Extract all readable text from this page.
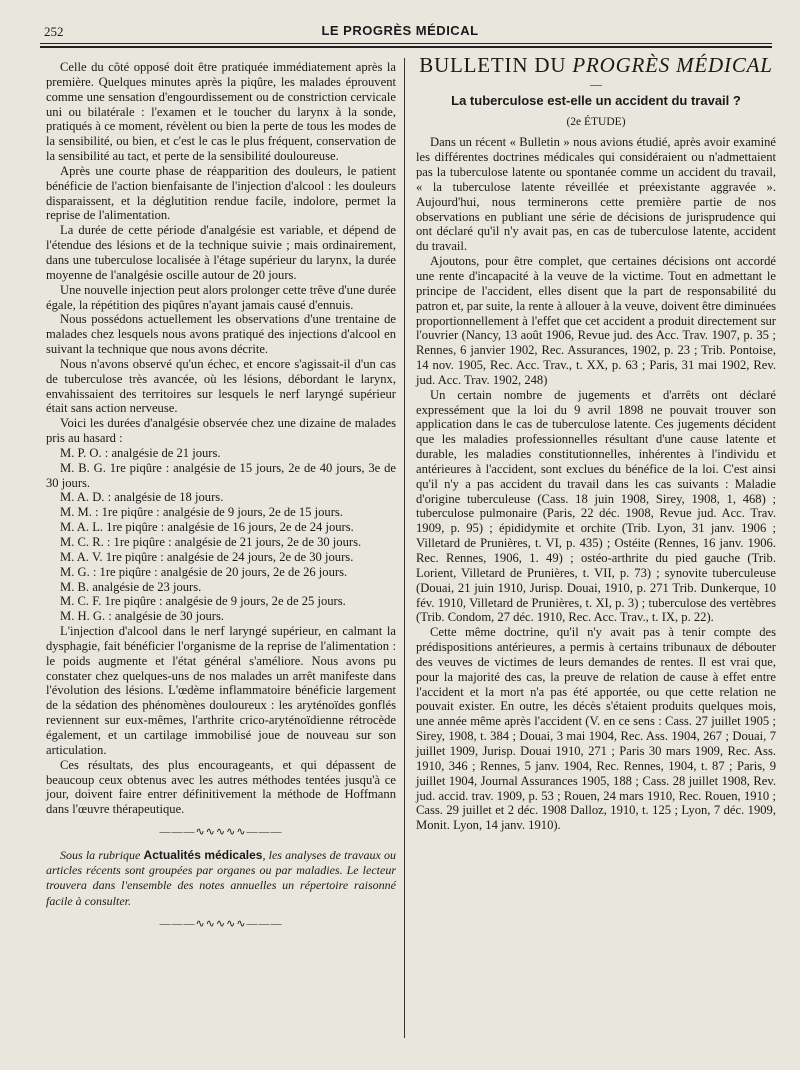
252	LE PROGRÈS MÉDICAL

Celle du côté opposé doit être pratiquée immédiatement après la première. Quelques minutes après la piqûre, les malades éprouvent comme une sensation d'engourdissement ou de constriction cervicale uni ou bilatérale : l'examen et le toucher du larynx à la sonde, pratiqués à ce moment, révèlent ou bien la perte de tous les modes de la sensibilité, ou bien, et c'est le cas le plus fréquent, conservation de la sensibilité au tact, et perte de la sensibilité douloureuse.

Après une courte phase de réapparition des douleurs, le patient bénéficie de l'action bienfaisante de l'injection d'alcool : les douleurs disparaissent, et la déglutition rendue facile, indolore, permet la reprise de l'alimentation.

La durée de cette période d'analgésie est variable, et dépend de l'étendue des lésions et de la technique suivie ; mais ordinairement, dans une tuberculose localisée à l'étage supérieur du larynx, la durée moyenne de l'analgésie oscille autour de 20 jours.

Une nouvelle injection peut alors prolonger cette trêve d'une durée égale, la répétition des piqûres n'ayant jamais causé d'ennuis.

Nous possédons actuellement les observations d'une trentaine de malades chez lesquels nous avons pratiqué des injections d'alcool en suivant la technique que nous avons décrite.

Nous n'avons observé qu'un échec, et encore s'agissait-il d'un cas de tuberculose très avancée, où les lésions, débordant le larynx, envahissaient des territoires sur lesquels le nerf laryngé supérieur était sans action nerveuse.

Voici les durées d'analgésie observée chez une dizaine de malades pris au hasard :

M. P. O. : analgésie de 21 jours.

M. B. G. 1re piqûre : analgésie de 15 jours, 2e de 40 jours, 3e de 30 jours.

M. A. D. : analgésie de 18 jours.

M. M. : 1re piqûre : analgésie de 9 jours, 2e de 15 jours.

M. A. L. 1re piqûre : analgésie de 16 jours, 2e de 24 jours.

M. C. R. : 1re piqûre : analgésie de 21 jours, 2e de 30 jours.

M. A. V. 1re piqûre : analgésie de 24 jours, 2e de 30 jours.

M. G. : 1re piqûre : analgésie de 20 jours, 2e de 26 jours.

M. B. analgésie de 23 jours.

M. C. F. 1re piqûre : analgésie de 9 jours, 2e de 25 jours.

M. H. G. : analgésie de 30 jours.

L'injection d'alcool dans le nerf laryngé supérieur, en calmant la dysphagie, fait bénéficier l'organisme de la reprise de l'alimentation : le poids augmente et l'état général s'améliore. Nous avons pu constater chez quelques-uns de nos malades un arrêt manifeste dans l'évolution des lésions. L'œdème inflammatoire bénéficie largement de la sédation des phénomènes douloureux : les aryténoïdes gonflés reviennent sur eux-mêmes, l'arthrite crico-aryténoïdienne rétrocède également, et un cartilage immobilisé joue de nouveau sur son articulation.

Ces résultats, des plus encourageants, et qui dépassent de beaucoup ceux obtenus avec les autres méthodes tentées jusqu'à ce jour, doivent faire entrer définitivement la méthode de Hoffmann dans l'œuvre thérapeutique.

———∿∿∿∿∿———

Sous la rubrique Actualités médicales, les analyses de travaux ou articles récents sont groupées par organes ou par maladies. Le lecteur trouvera dans l'ensemble des notes annuelles un répertoire raisonné facile à consulter.

———∿∿∿∿∿———
BULLETIN DU PROGRÈS MÉDICAL
—
La tuberculose est-elle un accident du travail ?
(2e ÉTUDE)

Dans un récent « Bulletin » nous avions étudié, après avoir examiné les différentes doctrines médicales qui considéraient ou n'admettaient pas la tuberculose latente ou spontanée comme un accident du travail, « la tuberculose latente réveillée et préexistante aggravée ». Aujourd'hui, nous terminerons cette première partie de nos observations en publiant une série de décisions de jurisprudence qui ont déclaré qu'il n'y avait pas, en cas de tuberculose latente, accident du travail.

Ajoutons, pour être complet, que certaines décisions ont accordé une rente d'incapacité à la veuve de la victime. Tout en admettant le principe de l'accident, elles disent que la part de responsabilité du patron et, par suite, la rente à allouer à la veuve, doivent être diminuées proportionnellement à l'effet que cet accident a produit directement sur l'ouvrier (Nancy, 13 août 1906, Revue jud. des Acc. Trav. 1907, p. 35 ; Rennes, 6 janvier 1902, Rec. Assurances, 1902, p. 23 ; Trib. Pontoise, 14 nov. 1905, Rec. Acc. Trav., t. XX, p. 63 ; Paris, 31 mai 1902, Rev. jud. Acc. Trav. 1902, 248)

Un certain nombre de jugements et d'arrêts ont déclaré expressément que la loi du 9 avril 1898 ne pouvait trouver son application dans le cas de tuberculose latente. Ces jugements décident que les maladies professionnelles résultant d'une cause latente et durable, les maladies constitutionnelles, inhérentes à l'individu et antérieures à l'accident, sont exclues du bénéfice de la loi. C'est ainsi qu'il n'y a pas accident du travail dans les cas suivants : Maladie d'origine tuberculeuse (Cass. 18 juin 1908, Sirey, 1908, 1, 468) ; tuberculose pulmonaire (Paris, 22 déc. 1908, Revue jud. Acc. Trav. 1909, p. 95) ; épididymite et orchite (Trib. Lyon, 31 janv. 1906 ; Villetard de Prunières, t. VI, p. 435) ; Ostéite (Rennes, 16 janv. 1906. Rec. Rennes, 1906, 1. 49) ; ostéo-arthrite du pied gauche (Trib. Lorient, Villetard de Prunières, t. VII, p. 73) ; synovite tuberculeuse (Douai, 21 juin 1910, Jurisp. Douai, 1910, p. 271 Trib. Dunkerque, 10 fév. 1910, Villetard de Prunières, t. XI, p. 3) ; tuberculose des vertèbres (Trib. Condom, 27 déc. 1910, Rec. Acc. Trav., t. IX, p. 22).

Cette même doctrine, qu'il n'y avait pas à tenir compte des prédispositions antérieures, a permis à certains tribunaux de débouter des veuves de victimes de leurs demandes de rentes. Il est vrai que, pour la majorité des cas, la preuve de relation de cause à effet entre l'accident et la mort n'a pas été apportée, ou que cette relation ne pouvait exister. En outre, les décès s'étaient produits quelques mois, une année même après l'accident (V. en ce sens : Cass. 27 juillet 1905 ; Sirey, 1908, t. 384 ; Douai, 3 mai 1904, Rec. Ass. 1904, 267 ; Douai, 7 juillet 1909, Jurisp. Douai 1910, 271 ; Paris 30 mars 1909, Rec. Ass. 1910, 346 ; Rennes, 5 janv. 1904, Rec. Rennes, 1904, t. 87 ; Paris, 9 juillet 1904, Journal Assurances 1905, 188 ; Cass. 28 juillet 1908, Rev. jud. accid. trav. 1909, p. 53 ; Rouen, 24 mars 1910, Rec. Rouen, 1910 ; Cass. 29 juillet et 2 déc. 1908 Dalloz, 1910, t. 125 ; Lyon, 7 déc. 1909, Monit. Lyon, 14 janv. 1910).
